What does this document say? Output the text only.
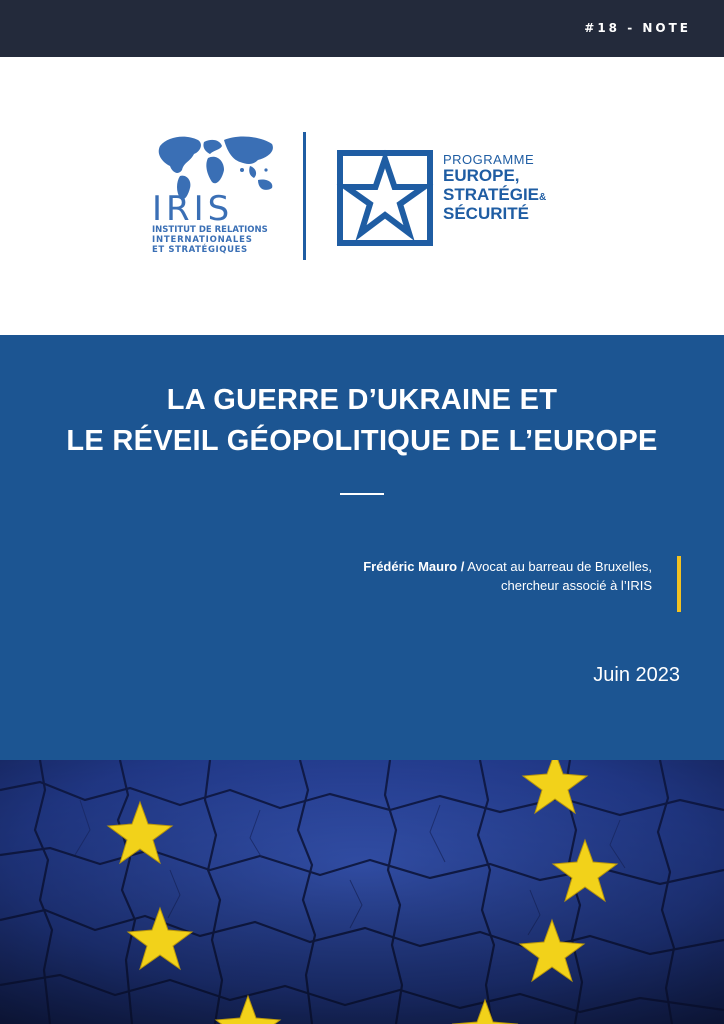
#18 - NOTE
IRIS
INSTITUT DE RELATIONS
INTERNATIONALES
ET STRATÉGIQUES
PROGRAMME
EUROPE,
STRATÉGIE&
SÉCURITÉ
LA GUERRE D’UKRAINE ET
LE RÉVEIL GÉOPOLITIQUE DE L’EUROPE
Frédéric Mauro / Avocat au barreau de Bruxelles,
chercheur associé à l’IRIS
Juin 2023
